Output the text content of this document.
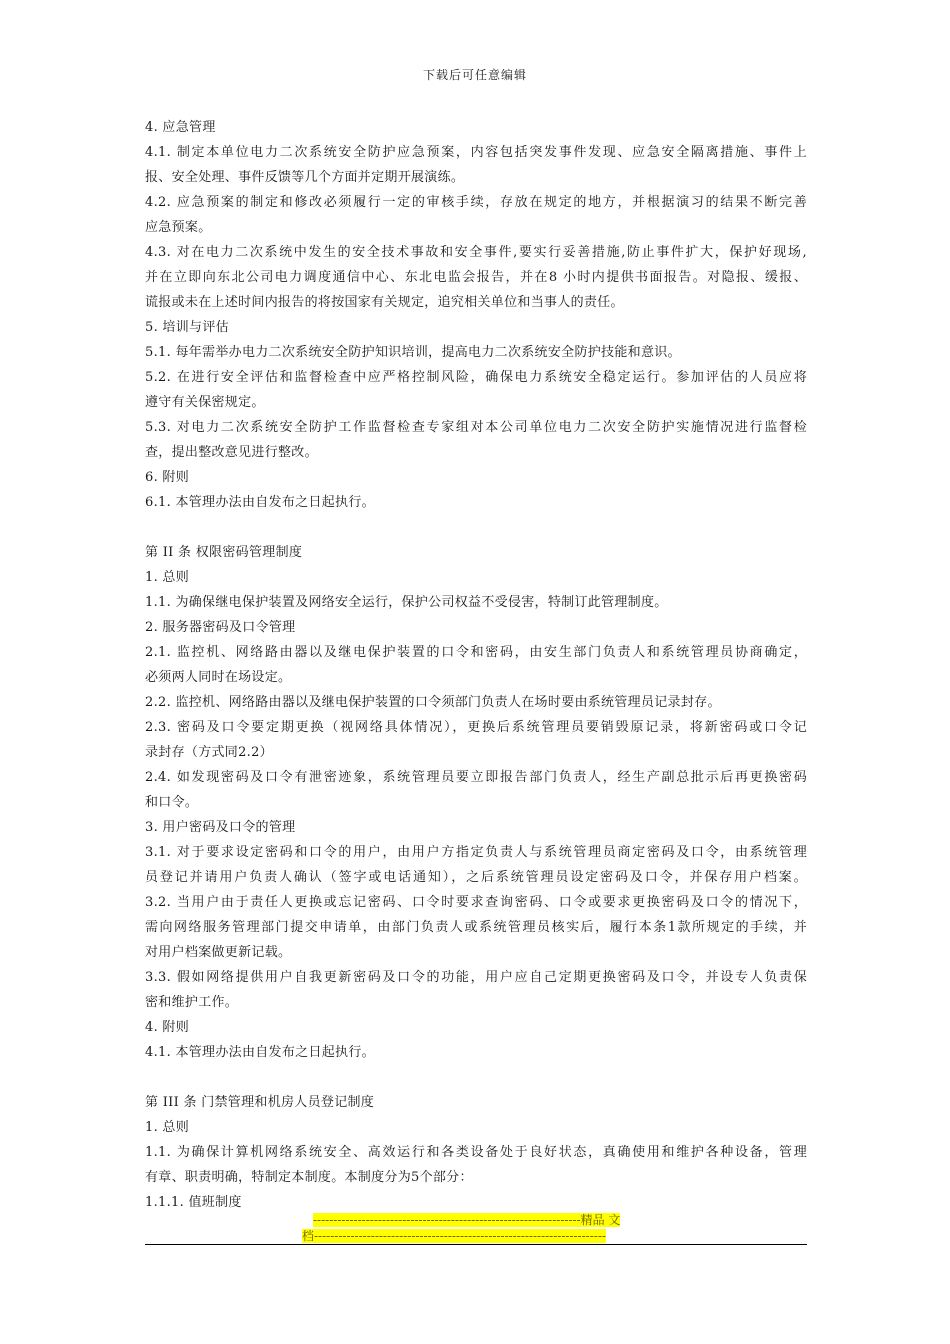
下载后可任意编辑
4. 应急管理
4.1. 制定本单位电力二次系统安全防护应急预案，内容包括突发事件发现、应急安全隔离措施、事件上
报、安全处理、事件反馈等几个方面并定期开展演练。
4.2. 应急预案的制定和修改必须履行一定的审核手续，存放在规定的地方，并根据演习的结果不断完善
应急预案。
4.3. 对在电力二次系统中发生的安全技术事故和安全事件,要实行妥善措施,防止事件扩大，保护好现场,
并在立即向东北公司电力调度通信中心、东北电监会报告，并在8 小时内提供书面报告。对隐报、缓报、
谎报或未在上述时间内报告的将按国家有关规定，追究相关单位和当事人的责任。
5. 培训与评估
5.1. 每年需举办电力二次系统安全防护知识培训，提高电力二次系统安全防护技能和意识。
5.2. 在进行安全评估和监督检查中应严格控制风险，确保电力系统安全稳定运行。参加评估的人员应将
遵守有关保密规定。
5.3. 对电力二次系统安全防护工作监督检查专家组对本公司单位电力二次安全防护实施情况进行监督检
查，提出整改意见进行整改。
6. 附则
6.1. 本管理办法由自发布之日起执行。
第 II 条 权限密码管理制度
1. 总则
1.1. 为确保继电保护装置及网络安全运行，保护公司权益不受侵害，特制订此管理制度。
2. 服务器密码及口令管理
2.1. 监控机、网络路由器以及继电保护装置的口令和密码，由安生部门负责人和系统管理员协商确定，
必须两人同时在场设定。
2.2. 监控机、网络路由器以及继电保护装置的口令须部门负责人在场时要由系统管理员记录封存。
2.3. 密码及口令要定期更换（视网络具体情况），更换后系统管理员要销毁原记录，将新密码或口令记
录封存（方式同2.2）
2.4. 如发现密码及口令有泄密迹象，系统管理员要立即报告部门负责人，经生产副总批示后再更换密码
和口令。
3. 用户密码及口令的管理
3.1. 对于要求设定密码和口令的用户，由用户方指定负责人与系统管理员商定密码及口令，由系统管理
员登记并请用户负责人确认（签字或电话通知），之后系统管理员设定密码及口令，并保存用户档案。
3.2. 当用户由于责任人更换或忘记密码、口令时要求查询密码、口令或要求更换密码及口令的情况下，
需向网络服务管理部门提交申请单，由部门负责人或系统管理员核实后，履行本条1款所规定的手续，并
对用户档案做更新记载。
3.3. 假如网络提供用户自我更新密码及口令的功能，用户应自己定期更换密码及口令，并设专人负责保
密和维护工作。
4. 附则
4.1. 本管理办法由自发布之日起执行。
第 III 条 门禁管理和机房人员登记制度
1. 总则
1.1. 为确保计算机网络系统安全、高效运行和各类设备处于良好状态，真确使用和维护各种设备，管理
有章、职责明确，特制定本制度。本制度分为5个部分：
1.1.1. 值班制度
------------------------------------------------------------------精品 文
档------------------------------------------------------------------------
